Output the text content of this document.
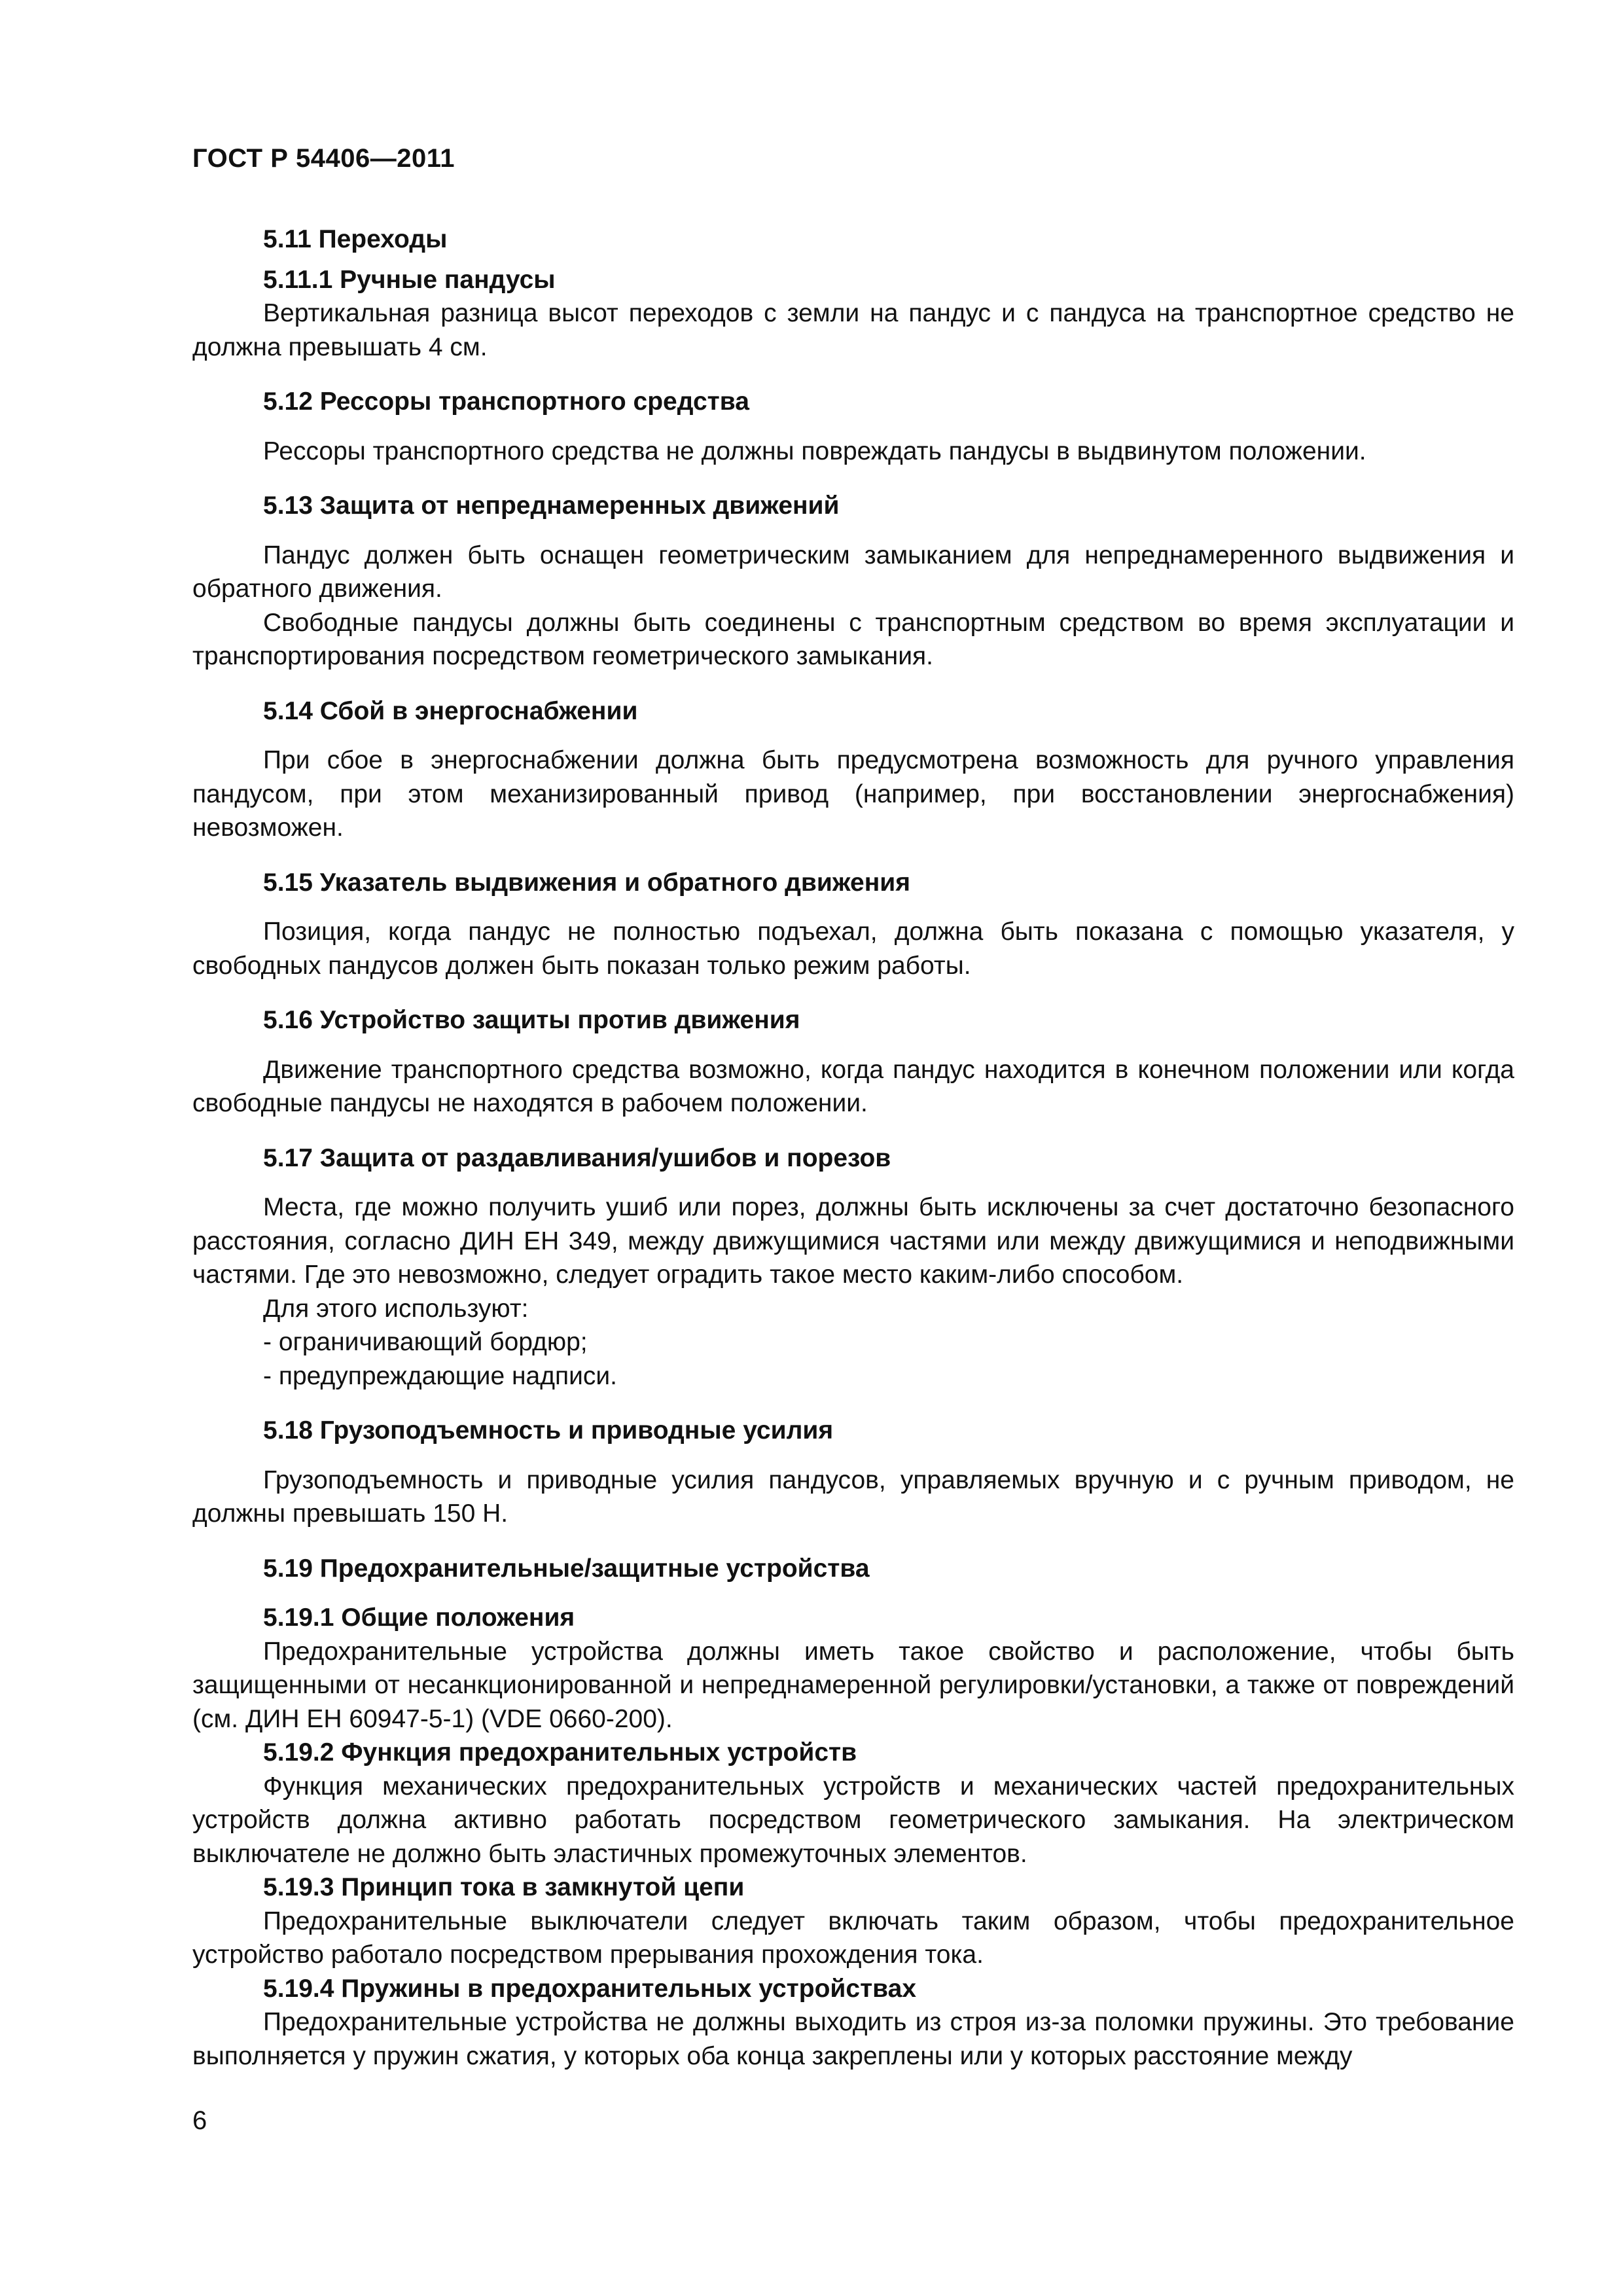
ГОСТ Р 54406—2011

5.11 Переходы

5.11.1 Ручные пандусы

Вертикальная разница высот переходов с земли на пандус и с пандуса на транспортное средство не должна превышать 4 см.

5.12 Рессоры транспортного средства

Рессоры транспортного средства не должны повреждать пандусы в выдвинутом положении.

5.13 Защита от непреднамеренных движений

Пандус должен быть оснащен геометрическим замыканием для непреднамеренного выдвижения и обратного движения.

Свободные пандусы должны быть соединены с транспортным средством во время эксплуатации и транспортирования посредством геометрического замыкания.

5.14 Сбой в энергоснабжении

При сбое в энергоснабжении должна быть предусмотрена возможность для ручного управления пандусом, при этом механизированный привод (например, при восстановлении энергоснабжения) невозможен.

5.15 Указатель выдвижения и обратного движения

Позиция, когда пандус не полностью подъехал, должна быть показана с помощью указателя, у свободных пандусов должен быть показан только режим работы.

5.16 Устройство защиты против движения

Движение транспортного средства возможно, когда пандус находится в конечном положении или когда свободные пандусы не находятся в рабочем положении.

5.17 Защита от раздавливания/ушибов и порезов

Места, где можно получить ушиб или порез, должны быть исключены за счет достаточно безопасного расстояния, согласно ДИН ЕН 349, между движущимися частями или между движущимися и неподвижными частями. Где это невозможно, следует оградить такое место каким-либо способом.

Для этого используют:

- ограничивающий бордюр;

- предупреждающие надписи.

5.18 Грузоподъемность и приводные усилия

Грузоподъемность и приводные усилия пандусов, управляемых вручную и с ручным приводом, не должны превышать 150 Н.

5.19 Предохранительные/защитные устройства

5.19.1 Общие положения

Предохранительные устройства должны иметь такое свойство и расположение, чтобы быть защищенными от несанкционированной и непреднамеренной регулировки/установки, а также от повреждений (см. ДИН ЕН 60947-5-1) (VDE 0660-200).

5.19.2 Функция предохранительных устройств

Функция механических предохранительных устройств и механических частей предохранительных устройств должна активно работать посредством геометрического замыкания. На электрическом выключателе не должно быть эластичных промежуточных элементов.

5.19.3 Принцип тока в замкнутой цепи

Предохранительные выключатели следует включать таким образом, чтобы предохранительное устройство работало посредством прерывания прохождения тока.

5.19.4 Пружины в предохранительных устройствах

Предохранительные устройства не должны выходить из строя из-за поломки пружины. Это требование выполняется у пружин сжатия, у которых оба конца закреплены или у которых расстояние между

6
